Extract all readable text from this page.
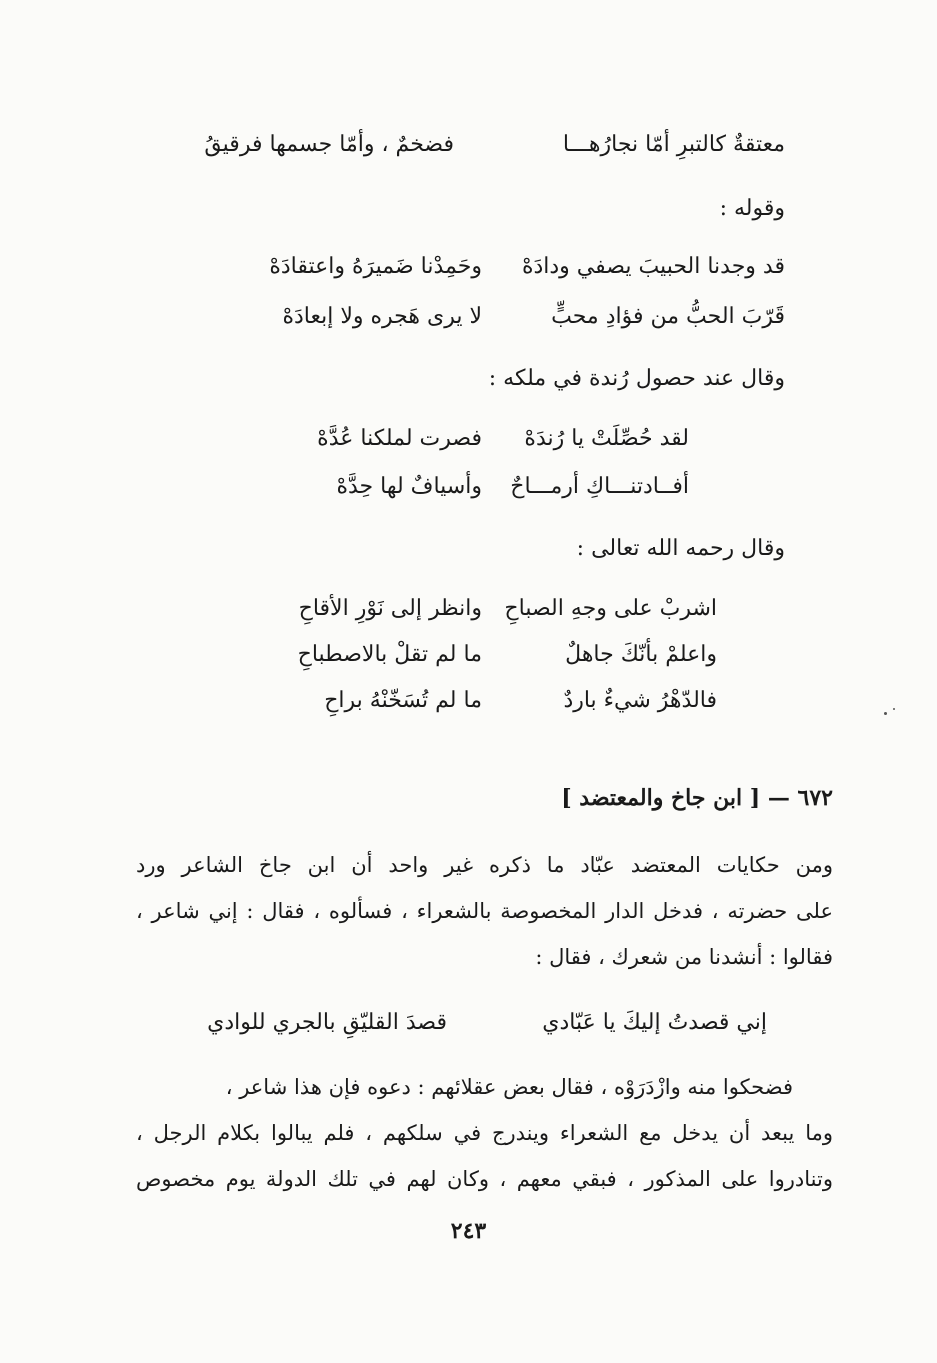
معتقةٌ كالتبرِ أمّا نجارُهـــا
فضخمٌ ، وأمّا جسمها فرقيقُ
وقوله :
قد وجدنا الحبيبَ يصفي ودادَهْ
وحَمِدْنا ضَميرَهُ واعتقادَهْ
قَرّبَ الحبُّ من فؤادِ محبٍّ
لا يرى هَجره ولا إبعادَهْ
وقال عند حصول رُندة في ملكه :
لقد حُصِّلَتْ يا رُندَهْ
فصرت لملكنا عُدَّهْ
أفــادتنـــاكِ أرمـــاحٌ
وأسيافٌ لها حِدَّهْ
وقال رحمه الله تعالى :
اشربْ على وجهِ الصباحِ
وانظر إلى نَوْرِ الأقاحِ
واعلمْ بأنّكَ جاهلٌ
ما لم تقلْ بالاصطباحِ
فالدّهْرُ شيءٌ باردٌ
ما لم تُسَخّنْهُ براحِ
٦٧٢ — [ ابن جاخ والمعتضد ]

ومن حكايات المعتضد عبّاد ما ذكره غير واحد أن ابن جاخ الشاعر ورد

على حضرته ، فدخل الدار المخصوصة بالشعراء ، فسألوه ، فقال : إني شاعر ،

فقالوا : أنشدنا من شعرك ، فقال :

إني قصدتُ إليكَ يا عَبّادي
قصدَ القليّقِ بالجري للوادي

فضحكوا منه وازْدَرَوْه ، فقال بعض عقلائهم : دعوه فإن هذا شاعر ،

وما يبعد أن يدخل مع الشعراء ويندرج في سلكهم ، فلم يبالوا بكلام الرجل ،

وتنادروا على المذكور ، فبقي معهم ، وكان لهم في تلك الدولة يوم مخصوص

٢٤٣
